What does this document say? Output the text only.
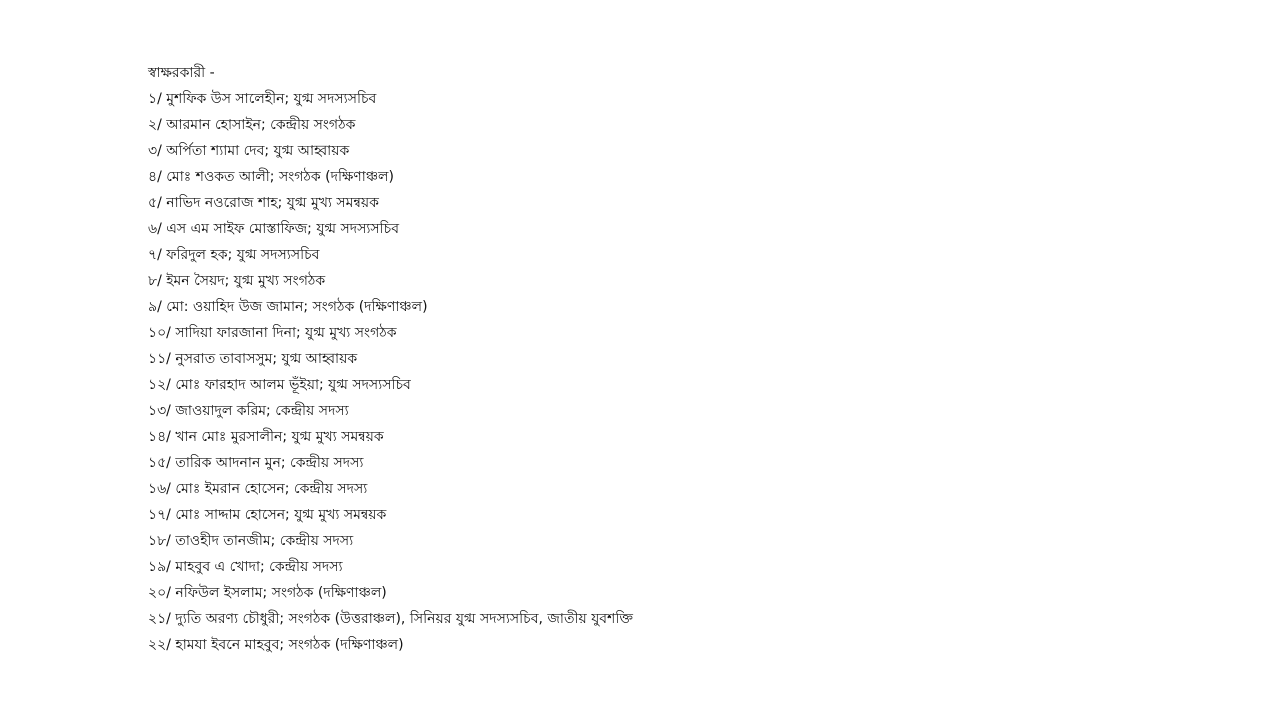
স্বাক্ষরকারী -

১/ মুশফিক উস সালেহীন; যুগ্ম সদস্যসচিব
২/ আরমান হোসাইন; কেন্দ্রীয় সংগঠক
৩/ অর্পিতা শ্যামা দেব; যুগ্ম আহ্বায়ক
৪/ মোঃ শওকত আলী; সংগঠক (দক্ষিণাঞ্চল)
৫/ নাভিদ নওরোজ শাহ; যুগ্ম মুখ্য সমন্বয়ক
৬/ এস এম সাইফ মোস্তাফিজ; যুগ্ম সদস্যসচিব
৭/ ফরিদুল হক; যুগ্ম সদস্যসচিব
৮/ ইমন সৈয়দ; যুগ্ম মুখ্য সংগঠক
৯/ মো: ওয়াহিদ উজ জামান; সংগঠক (দক্ষিণাঞ্চল)
১০/ সাদিয়া ফারজানা দিনা; যুগ্ম মুখ্য সংগঠক
১১/ নুসরাত তাবাসসুম; যুগ্ম আহ্বায়ক
১২/ মোঃ ফারহাদ আলম ভূঁইয়া; যুগ্ম সদস্যসচিব
১৩/ জাওয়াদুল করিম; কেন্দ্রীয় সদস্য
১৪/ খান মোঃ মুরসালীন; যুগ্ম মুখ্য সমন্বয়ক
১৫/ তারিক আদনান মুন; কেন্দ্রীয় সদস্য
১৬/ মোঃ ইমরান হোসেন; কেন্দ্রীয় সদস্য
১৭/ মোঃ সাদ্দাম হোসেন; যুগ্ম মুখ্য সমন্বয়ক
১৮/ তাওহীদ তানজীম; কেন্দ্রীয় সদস্য
১৯/ মাহবুব এ খোদা; কেন্দ্রীয় সদস্য
২০/ নফিউল ইসলাম; সংগঠক (দক্ষিণাঞ্চল)
২১/ দ্যুতি অরণ্য চৌধুরী; সংগঠক (উত্তরাঞ্চল), সিনিয়র যুগ্ম সদস্যসচিব, জাতীয় যুবশক্তি
২২/ হামযা ইবনে মাহবুব; সংগঠক (দক্ষিণাঞ্চল)
